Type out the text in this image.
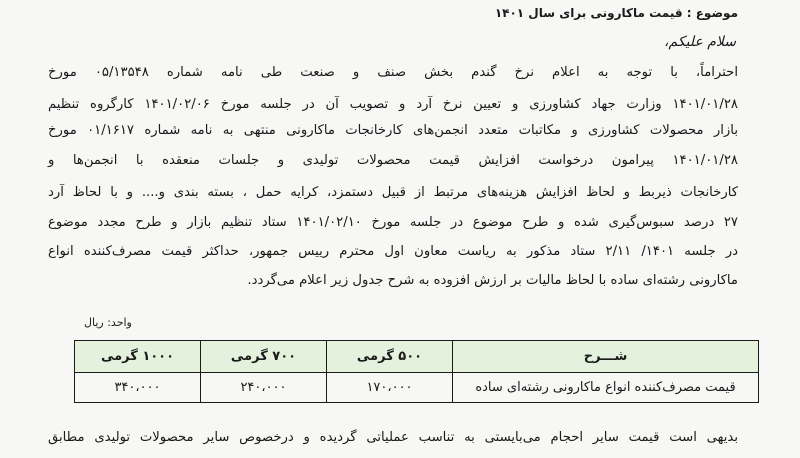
موضوع : قیمت ماکارونی برای سال ۱۴۰۱
سلام علیکم،
احتراماً، با توجه به اعلام نرخ گندم بخش صنف و صنعت طی نامه شماره ۰۵/۱۳۵۴۸ مورخ
۱۴۰۱/۰۱/۲۸ وزارت جهاد کشاورزی و تعیین نرخ آرد و تصویب آن در جلسه مورخ ۱۴۰۱/۰۲/۰۶ کارگروه تنظیم
بازار محصولات کشاورزی و مکاتبات متعدد انجمن‌های کارخانجات ماکارونی منتهی به نامه شماره ۰۱/۱۶۱۷ مورخ
۱۴۰۱/۰۱/۲۸ پیرامون درخواست افزایش قیمت محصولات تولیدی و جلسات منعقده با انجمن‌ها و
کارخانجات ذیربط و لحاظ افزایش هزینه‌های مرتبط از قبیل دستمزد، کرایه حمل ، بسته بندی و.... و با لحاظ آرد
۲۷ درصد سبوس‌گیری شده و طرح موضوع در جلسه مورخ ۱۴۰۱/۰۲/۱۰ ستاد تنظیم بازار و طرح مجدد موضوع
در جلسه ۱۴۰۱/ ۲/۱۱ ستاد مذکور به ریاست معاون اول محترم رییس جمهور، حداکثر قیمت مصرف‌کننده انواع
ماکارونی رشته‌ای ساده با لحاظ مالیات بر ارزش افزوده به شرح جدول زیر اعلام می‌گردد.
واحد: ریال
شـــرح	۵۰۰ گرمی	۷۰۰ گرمی	۱۰۰۰ گرمی
قیمت مصرف‌کننده انواع ماکارونی رشته‌ای ساده	۱۷۰،۰۰۰	۲۴۰،۰۰۰	۳۴۰،۰۰۰
بدیهی است قیمت سایر احجام می‌بایستی به تناسب عملیاتی گردیده و درخصوص سایر محصولات تولیدی مطابق
